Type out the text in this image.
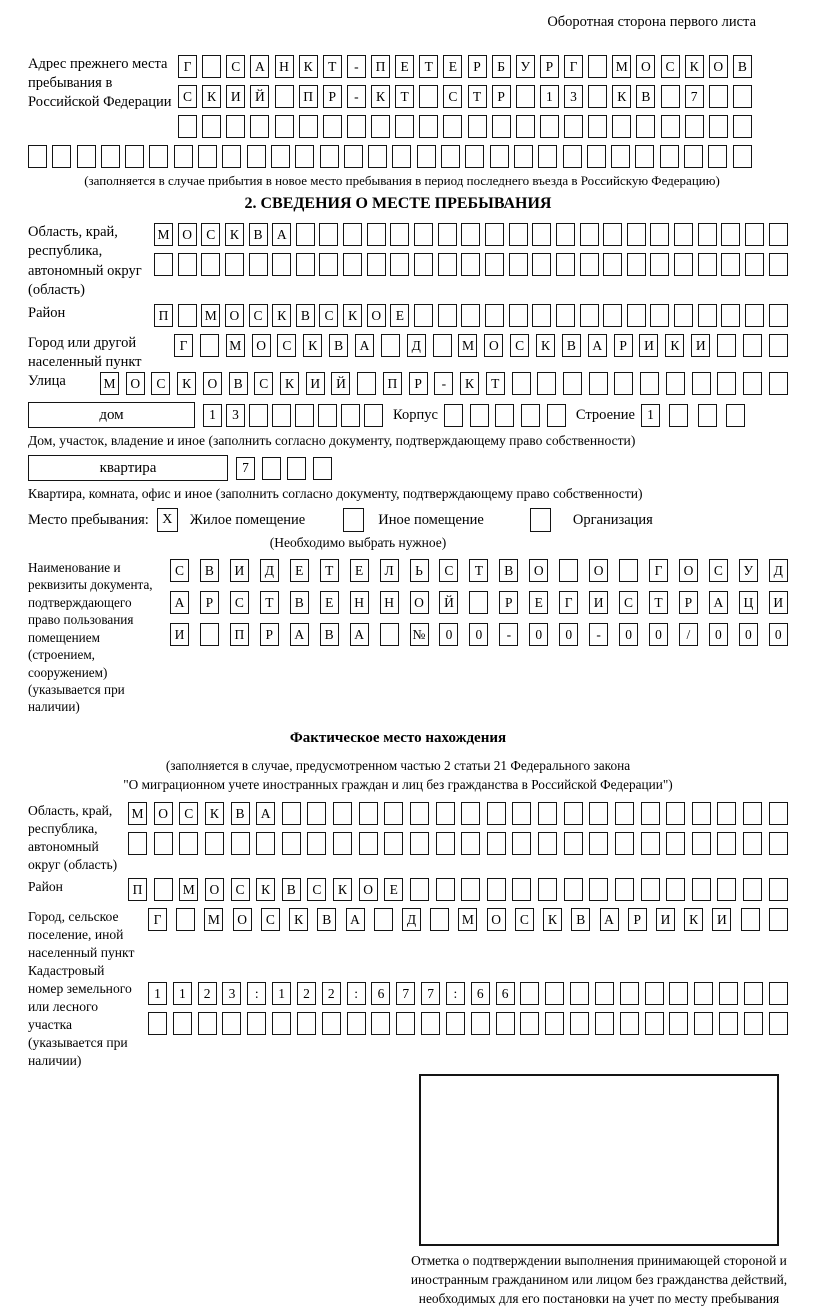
Оборотная сторона первого листа
Адрес прежнего места пребывания в Российской Федерации
Г	С	А	Н	К	Т	-	П	Е	Т	Е	Р	Б	У	Р	Г	М О	С	К	О	В
С	К	И	Й	П	Р	-	К	Т	С	Т	Р	1	3	К	В	7
(заполняется в случае прибытия в новое место пребывания в период последнего въезда в Российскую Федерацию)
2. СВЕДЕНИЯ О МЕСТЕ ПРЕБЫВАНИЯ
Область, край, республика, автономный округ (область)
М О	С	К	В	А
Район	П	М О	С	К	В	С	К	О	Е
Город или другой населенный пункт
Г	М	О	С	К	В	А	Д	М	О	С	К	В	А	Р	И	К	И
Улица	М	О	С	К	О	В	С	К	И	Й	П	Р	-	К	Т
дом	1	3	Корпус	Строение 1
Дом, участок, владение и иное (заполнить согласно документу, подтверждающему право собственности)
квартира	7
Квартира, комната, офис и иное (заполнить согласно документу, подтверждающему право собственности)
Место пребывания: X	Жилое помещение	Иное помещение	Организация
(Необходимо выбрать нужное)
Наименование и реквизиты документа, подтверждающего право пользования помещением (строением, сооружением) (указывается при наличии)
С	В	И	Д	Е	Т	Е	Л	Ь	С	Т	В	О	О	Г	О	С	У	Д
А	Р	С	Т	В	Е	Н	Н	О	Й	Р	Е	Г	И	С	Т	Р	А	Ц	И
И	П	Р	А	В	А	№	0	0	-	0	0	-	0	0	/	0	0	0
Фактическое место нахождения
(заполняется в случае, предусмотренном частью 2 статьи 21 Федерального закона
"О миграционном учете иностранных граждан и лиц без гражданства в Российской Федерации")
Область, край, республика, автономный округ (область)
М	О	С	К	В	А
Район	П	М	О	С	К	В	С	К	О	Е
Город, сельское поселение, иной населенный пункт
Г	М	О	С	К	В	А	Д	М	О	С	К	В	А	Р	И	К	И
Кадастровый номер земельного или лесного участка (указывается при наличии)
1	1	2	3	:	1	2	2	:	6	7	7	:	6	6
Отметка о подтверждении выполнения принимающей стороной и иностранным гражданином или лицом без гражданства действий, необходимых для его постановки на учет по месту пребывания
